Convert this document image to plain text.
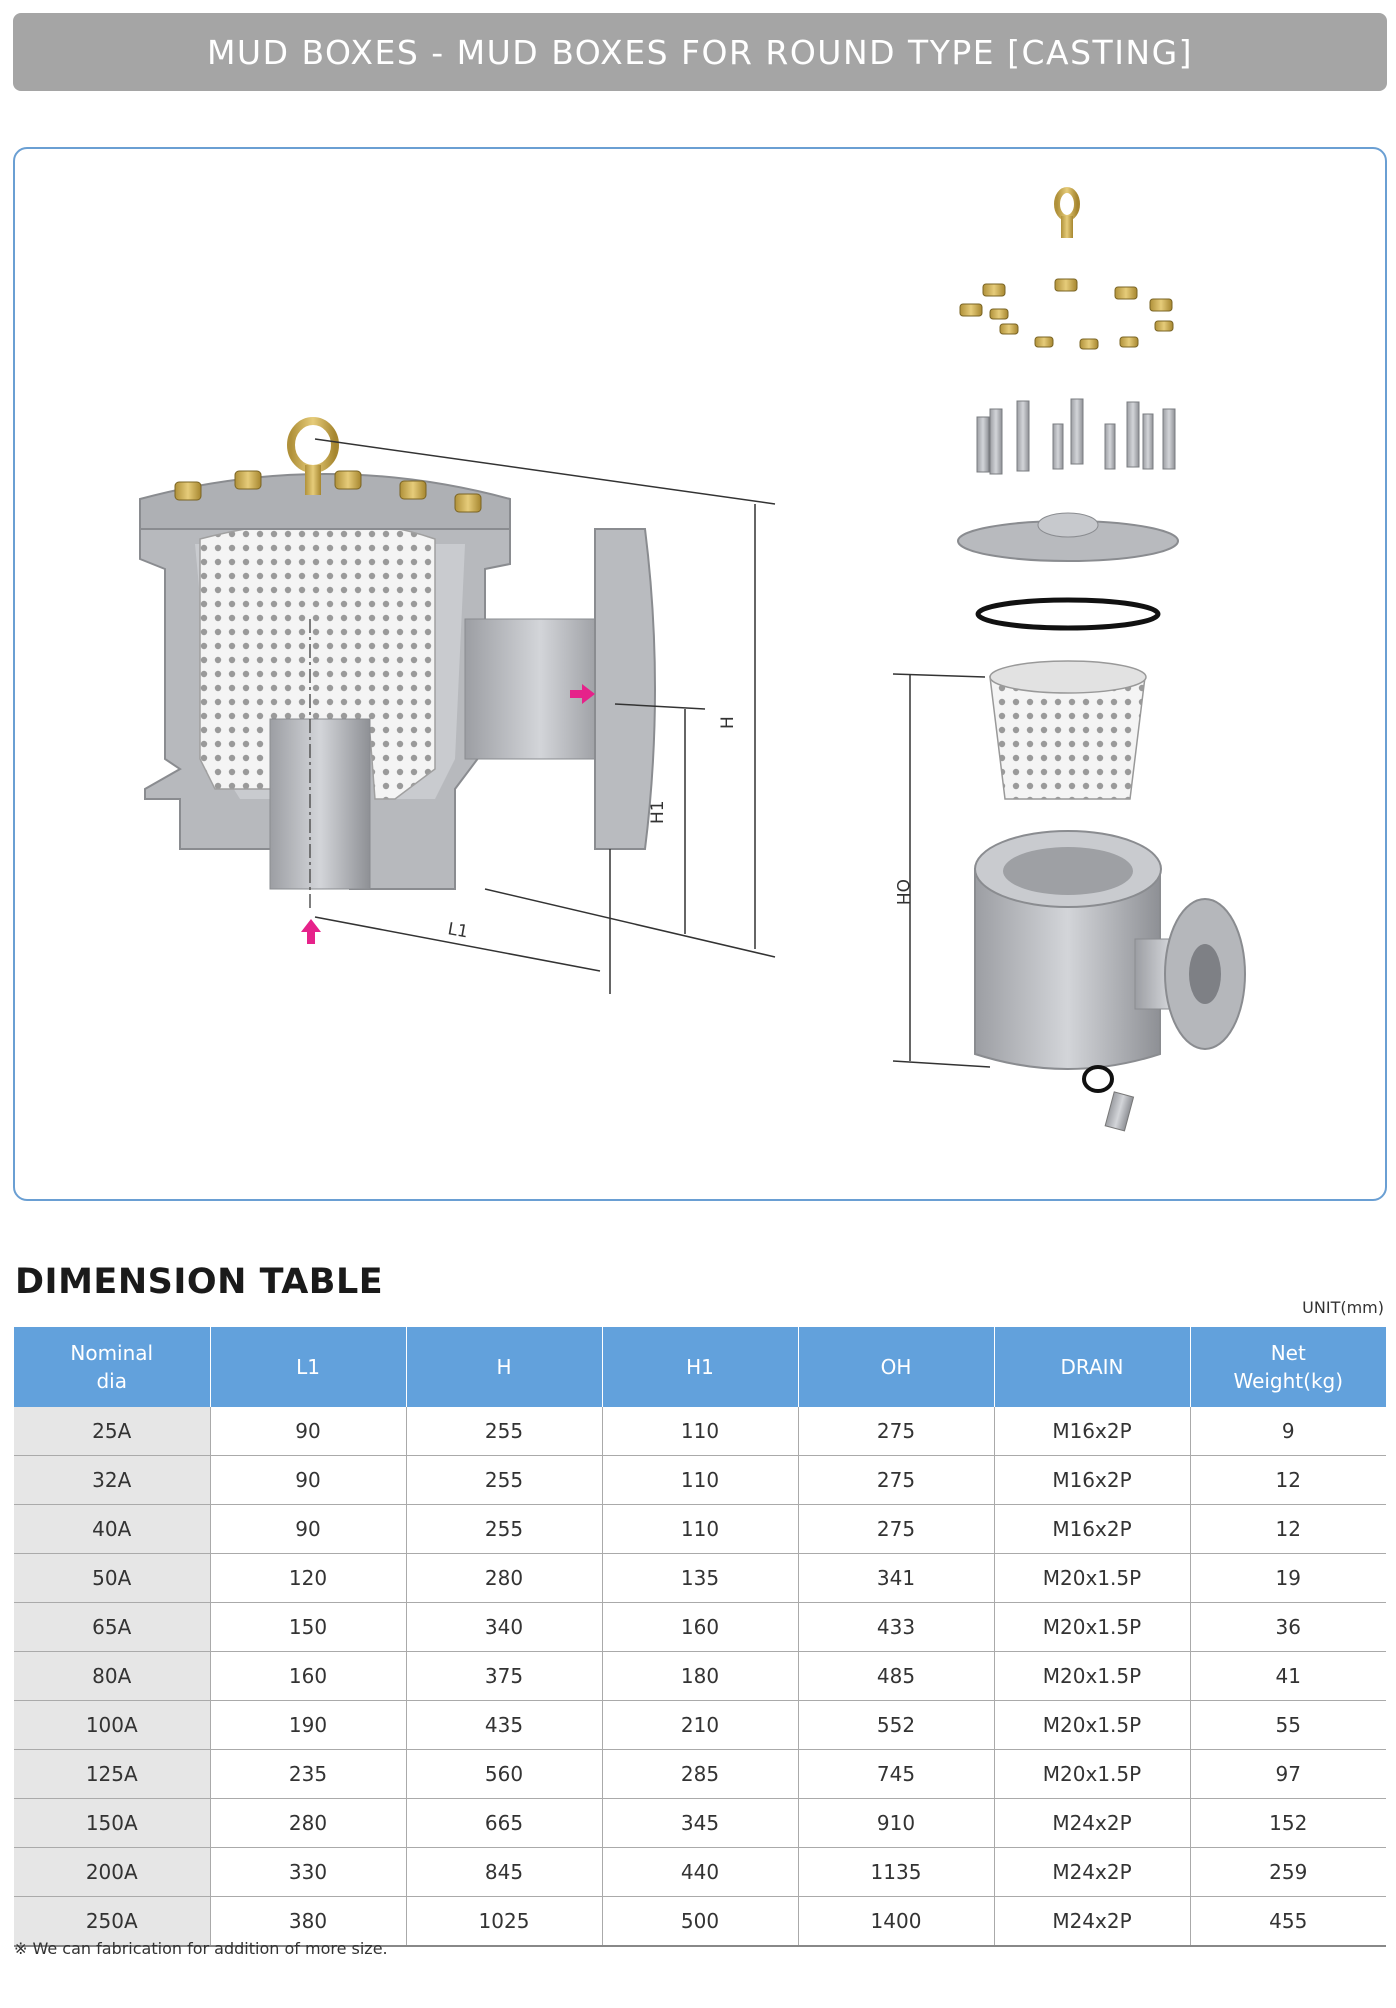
MUD BOXES - MUD BOXES FOR ROUND TYPE [CASTING]
H
H1
L1
OH
DIMENSION TABLE
UNIT(mm)
Nominal
dia	L1	H	H1	OH	DRAIN	Net
Weight(kg)
25A	90	255	110	275	M16x2P	9
32A	90	255	110	275	M16x2P	12
40A	90	255	110	275	M16x2P	12
50A	120	280	135	341	M20x1.5P	19
65A	150	340	160	433	M20x1.5P	36
80A	160	375	180	485	M20x1.5P	41
100A	190	435	210	552	M20x1.5P	55
125A	235	560	285	745	M20x1.5P	97
150A	280	665	345	910	M24x2P	152
200A	330	845	440	1135	M24x2P	259
250A	380	1025	500	1400	M24x2P	455
※ We can fabrication for addition of more size.
